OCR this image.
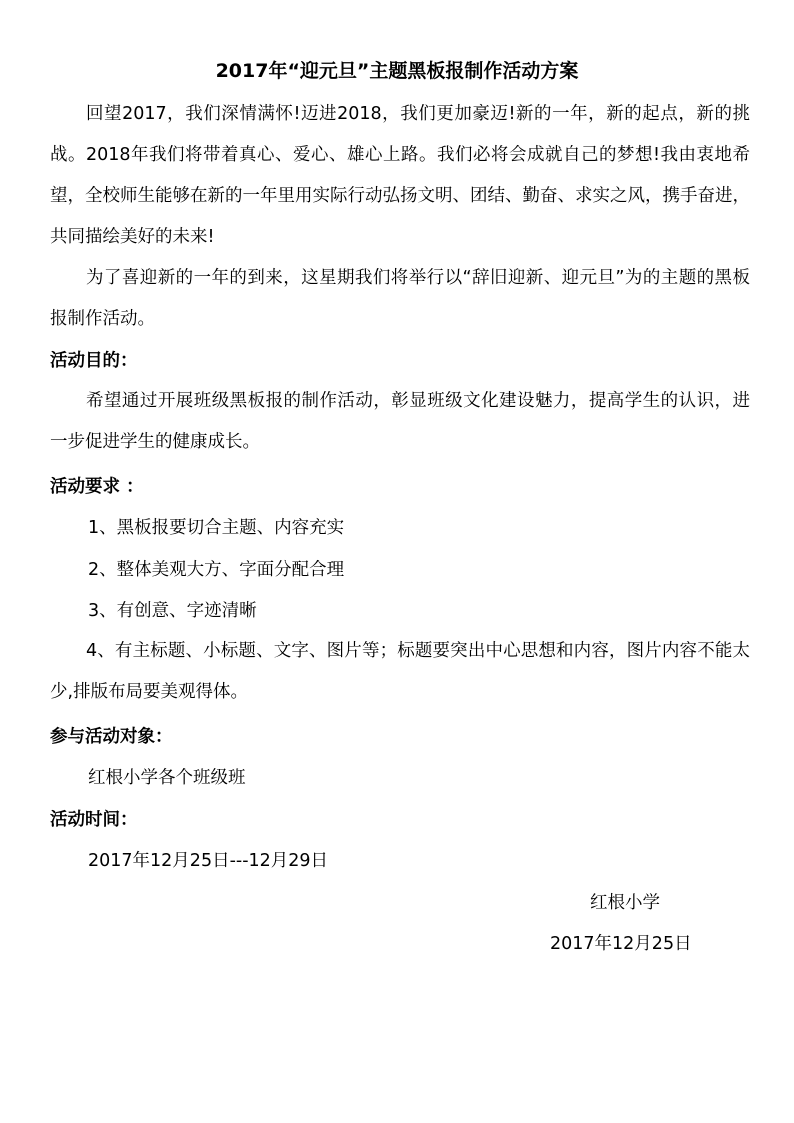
2017年“迎元旦”主题黑板报制作活动方案

回望2017，我们深情满怀!迈进2018，我们更加豪迈!新的一年，新的起点，新的挑战。2018年我们将带着真心、爱心、雄心上路。我们必将会成就自己的梦想!我由衷地希望，全校师生能够在新的一年里用实际行动弘扬文明、团结、勤奋、求实之风，携手奋进，共同描绘美好的未来!

为了喜迎新的一年的到来，这星期我们将举行以“辞旧迎新、迎元旦”为的主题的黑板报制作活动。

活动目的：

希望通过开展班级黑板报的制作活动，彰显班级文化建设魅力，提高学生的认识，进一步促进学生的健康成长。

活动要求 ：
1、黑板报要切合主题、内容充实
2、整体美观大方、字面分配合理
3、有创意、字迹清晰

4、有主标题、小标题、文字、图片等；标题要突出中心思想和内容，图片内容不能太少,排版布局要美观得体。

参与活动对象：
红根小学各个班级班
活动时间：
2017年12月25日---12月29日
红根小学
2017年12月25日
